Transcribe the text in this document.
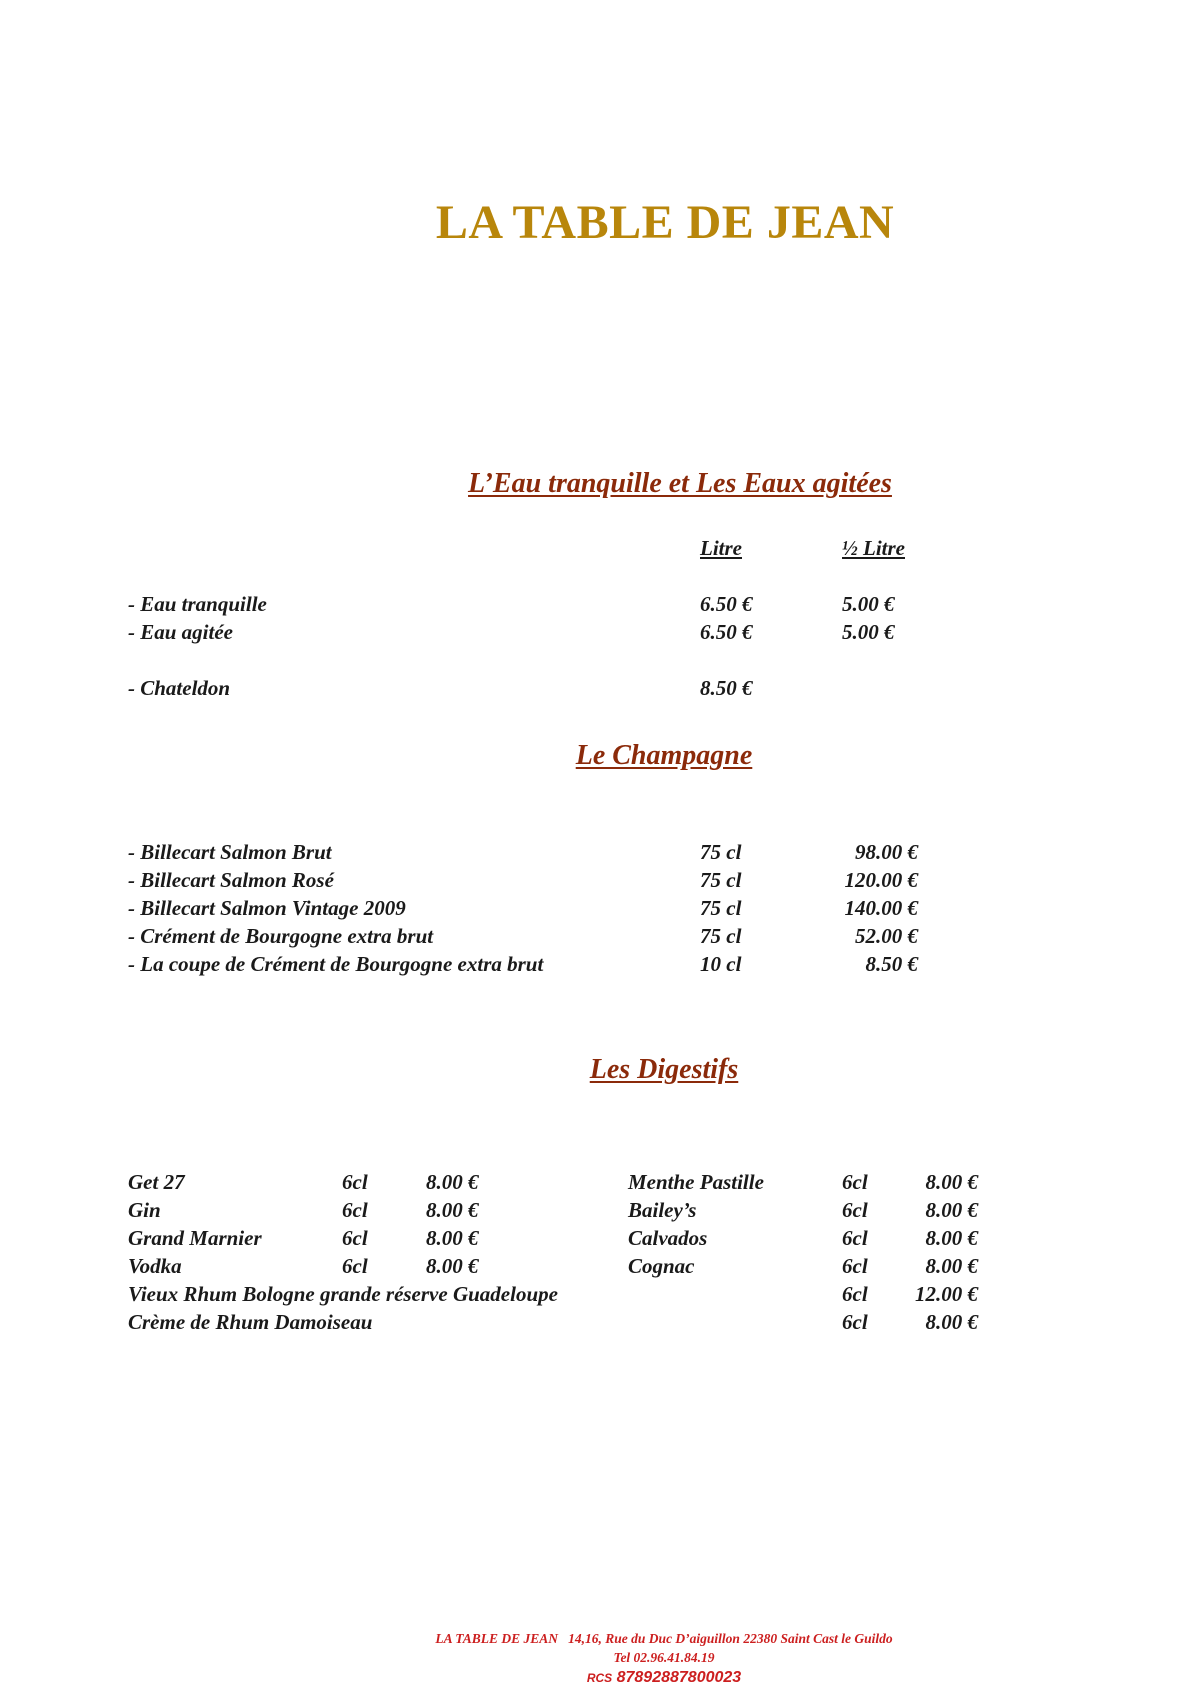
LA TABLE DE JEAN
L’Eau tranquille et Les Eaux agitées
Litre	½ Litre
- Eau tranquille	6.50 €	5.00 €
- Eau agitée	6.50 €	5.00 €
- Chateldon	8.50 €
Le Champagne
- Billecart Salmon Brut	75 cl	98.00 €
- Billecart Salmon Rosé	75 cl	120.00 €
- Billecart Salmon Vintage 2009	75 cl	140.00 €
- Crément de Bourgogne extra brut	75 cl	52.00 €
- La coupe de Crément de Bourgogne extra brut	10 cl	8.50 €
Les Digestifs
Get 27	6cl	8.00 €
Gin	6cl	8.00 €
Grand Marnier	6cl	8.00 €
Vodka	6cl	8.00 €
Menthe Pastille	6cl	8.00 €
Bailey’s	6cl	8.00 €
Calvados	6cl	8.00 €
Cognac	6cl	8.00 €
Vieux Rhum Bologne grande réserve Guadeloupe	6cl	12.00 €
Crème de Rhum Damoiseau	6cl	8.00 €
LA TABLE DE JEAN   14,16, Rue du Duc D’aiguillon 22380 Saint Cast le Guildo
Tel 02.96.41.84.19
RCS 87892887800023
